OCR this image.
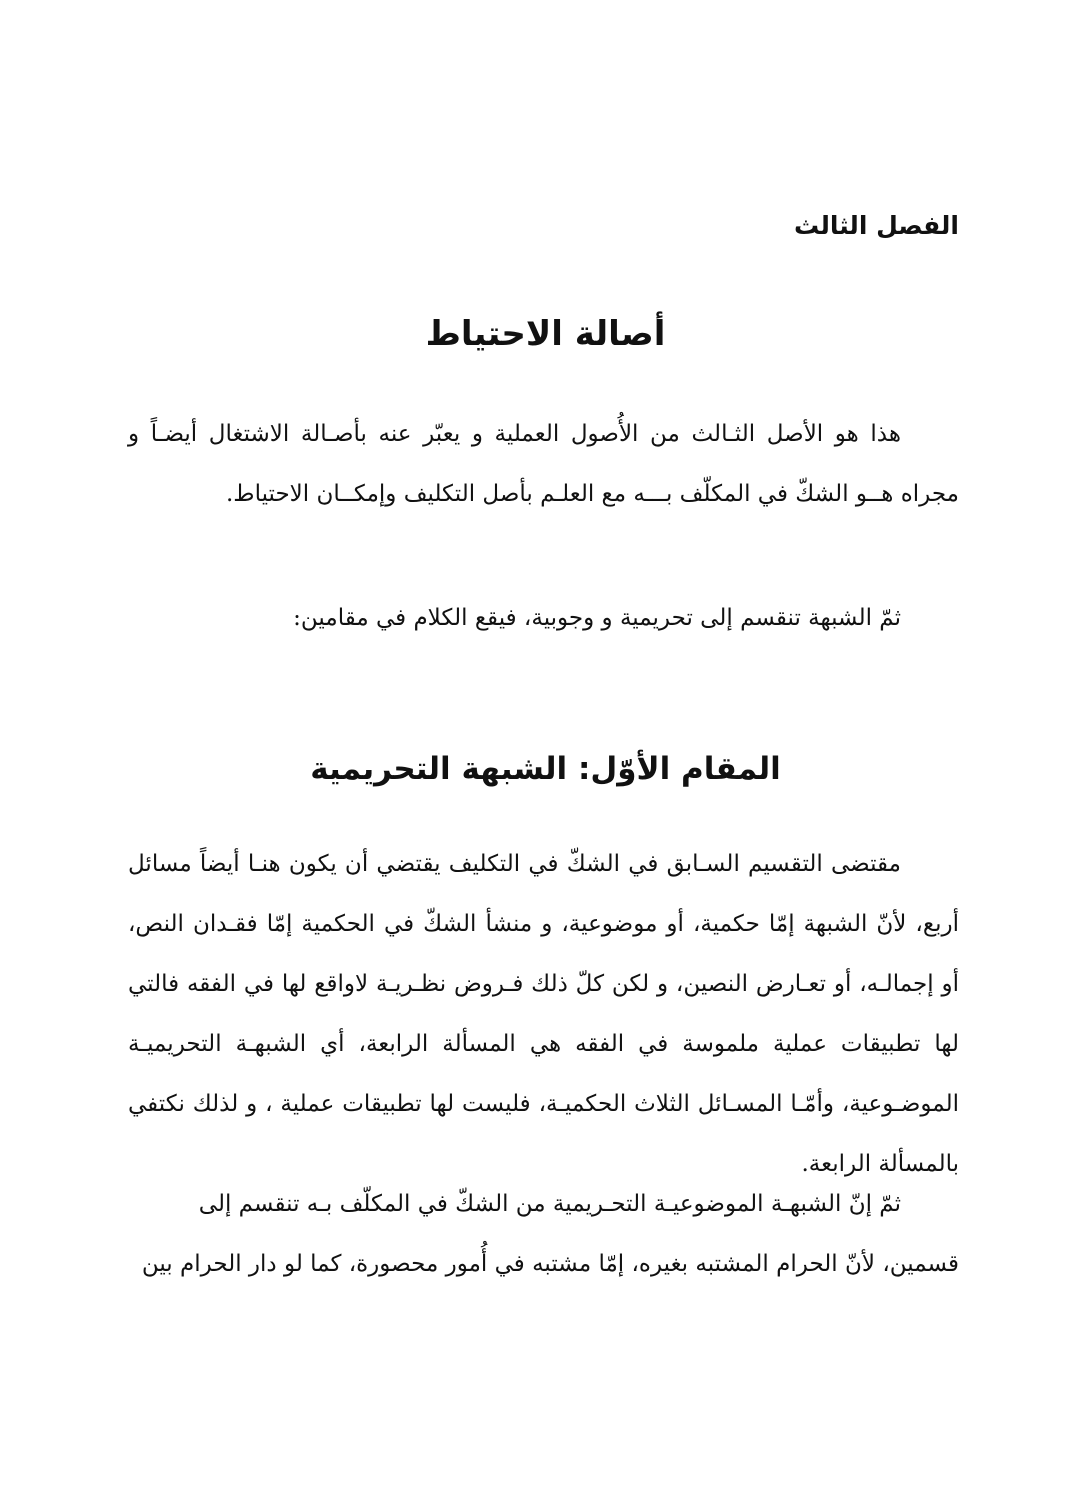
الفصل الثالث
أصالة الاحتياط

هذا هو الأصل الثـالث من الأُصول العملية و يعبّر عنه بأصـالة الاشتغال أيضـاً و مجراه هــو الشكّ في المكلّف بـــه مع العلـم بأصل التكليف وإمكــان الاحتياط.

ثمّ الشبهة تنقسم إلى تحريمية و وجوبية، فيقع الكلام في مقامين:

المقام الأوّل: الشبهة التحريمية

مقتضى التقسيم السـابق في الشكّ في التكليف يقتضي أن يكون هنـا أيضاً مسائل أربع، لأنّ الشبهة إمّا حكمية، أو موضوعية، و منشأ الشكّ في الحكمية إمّا فقـدان النص، أو إجمالـه، أو تعـارض النصين، و لكن كلّ ذلك فـروض نظـريـة لاواقع لها في الفقه فالتي لها تطبيقات عملية ملموسة في الفقه هي المسألة الرابعة، أي الشبهـة التحريميـة الموضـوعية، وأمّـا المسـائل الثلاث الحكميـة، فليست لها تطبيقات عملية ، و لذلك نكتفي بالمسألة الرابعة.

ثمّ إنّ الشبهـة الموضوعيـة التحـريمية من الشكّ في المكلّف بـه تنقسم إلى

قسمين، لأنّ الحرام المشتبه بغيره، إمّا مشتبه في أُمور محصورة، كما لو دار الحرام بين
